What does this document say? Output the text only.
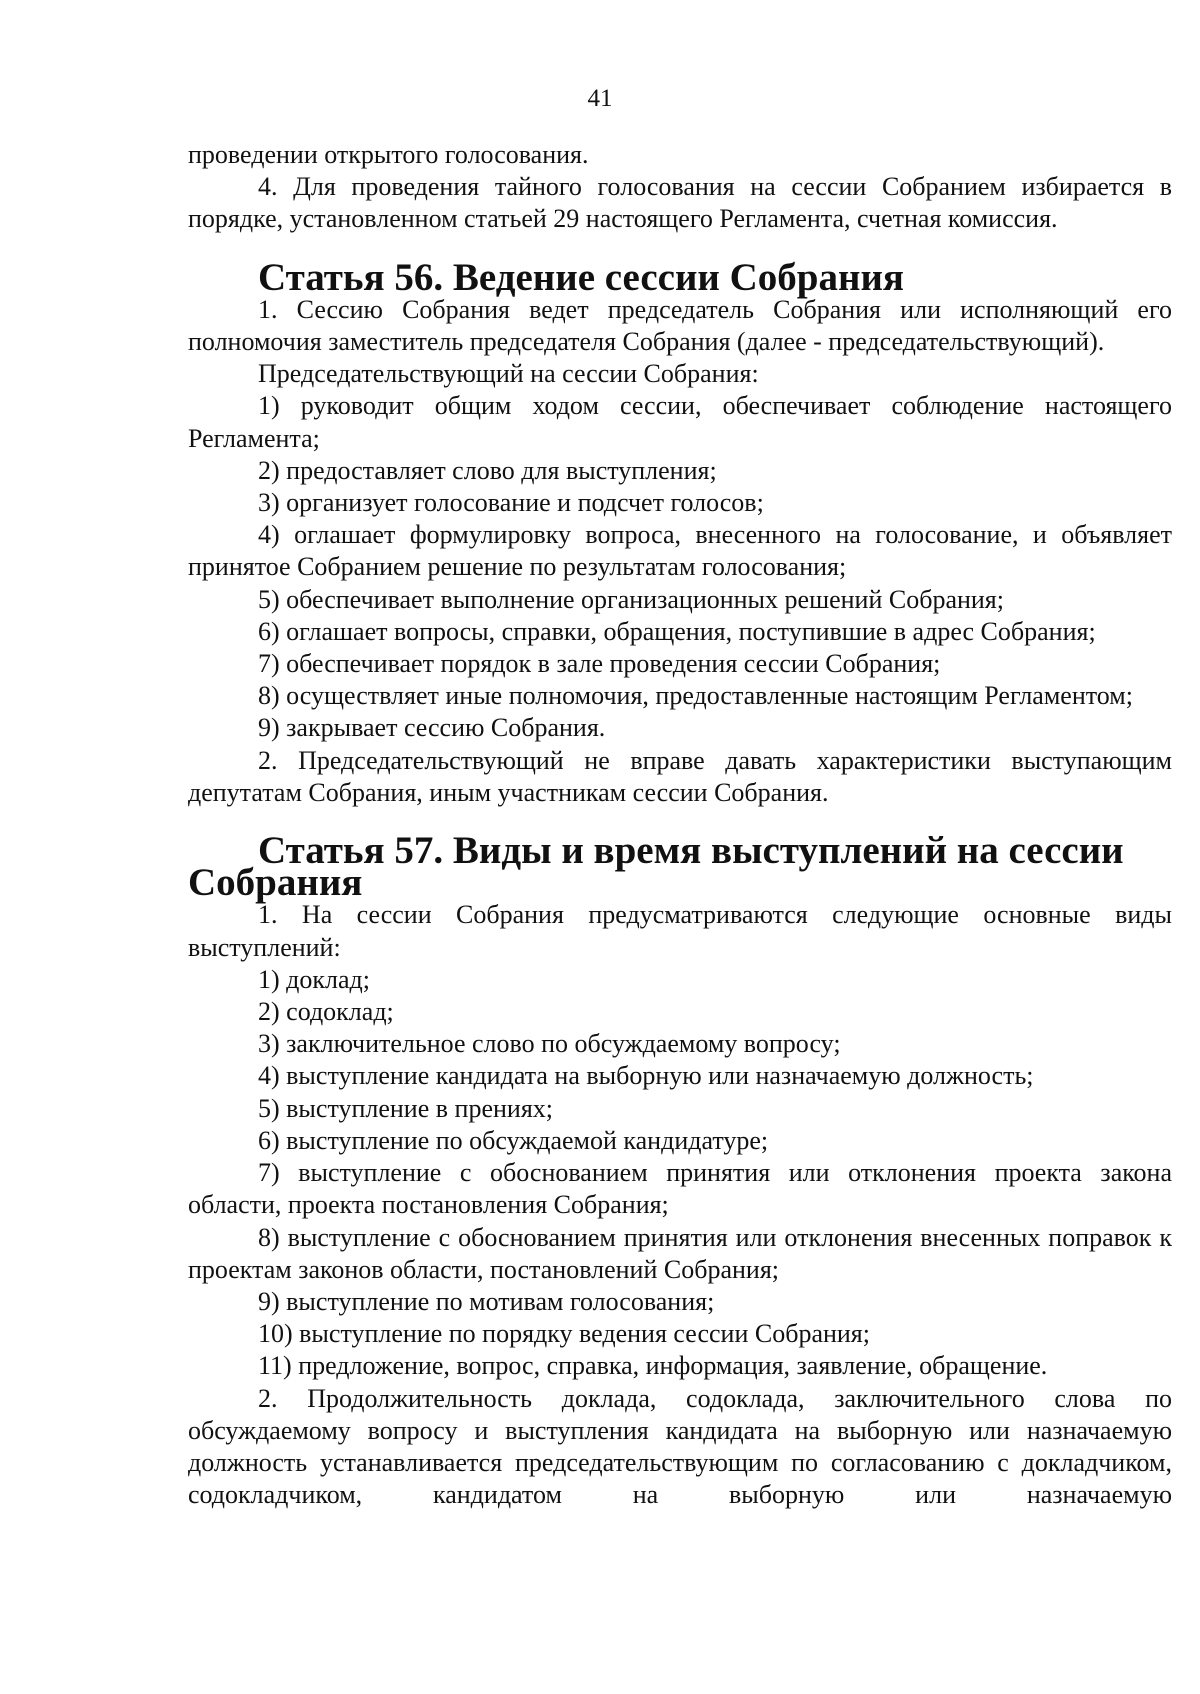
41

проведении открытого голосования.

4. Для проведения тайного голосования на сессии Собранием избирается в порядке, установленном статьей 29 настоящего Регламента, счетная комиссия.

Статья 56. Ведение сессии Собрания

1. Сессию Собрания ведет председатель Собрания или исполняющий его полномочия заместитель председателя Собрания (далее - председательствующий).

Председательствующий на сессии Собрания:

1) руководит общим ходом сессии, обеспечивает соблюдение настоящего Регламента;

2) предоставляет слово для выступления;

3) организует голосование и подсчет голосов;

4) оглашает формулировку вопроса, внесенного на голосование, и объявляет принятое Собранием решение по результатам голосования;

5) обеспечивает выполнение организационных решений Собрания;

6) оглашает вопросы, справки, обращения, поступившие в адрес Собрания;

7) обеспечивает порядок в зале проведения сессии Собрания;

8) осуществляет иные полномочия, предоставленные настоящим Регламентом;

9) закрывает сессию Собрания.

2. Председательствующий не вправе давать характеристики выступающим депутатам Собрания, иным участникам сессии Собрания.

Статья 57. Виды и время выступлений на сессии Собрания

1. На сессии Собрания предусматриваются следующие основные виды выступлений:

1) доклад;

2) содоклад;

3) заключительное слово по обсуждаемому вопросу;

4) выступление кандидата на выборную или назначаемую должность;

5) выступление в прениях;

6) выступление по обсуждаемой кандидатуре;

7) выступление с обоснованием принятия или отклонения проекта закона области, проекта постановления Собрания;

8) выступление с обоснованием принятия или отклонения внесенных поправок к проектам законов области, постановлений Собрания;

9) выступление по мотивам голосования;

10) выступление по порядку ведения сессии Собрания;

11) предложение, вопрос, справка, информация, заявление, обращение.

2. Продолжительность доклада, содоклада, заключительного слова по обсуждаемому вопросу и выступления кандидата на выборную или назначаемую должность устанавливается председательствующим по согласованию с докладчиком, содокладчиком, кандидатом на выборную или назначаемую
